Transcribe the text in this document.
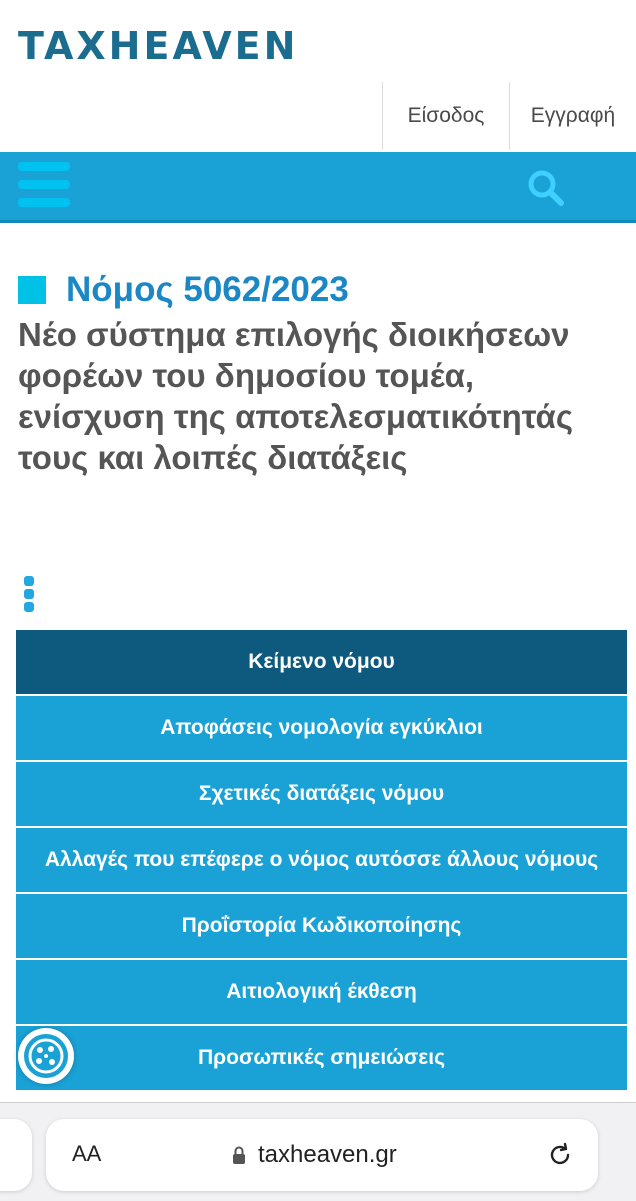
TAXHEAVEN
Είσοδος	Εγγραφή
Νόμος 5062/2023
Νέο σύστημα επιλογής διοικήσεων φορέων του δημοσίου τομέα, ενίσχυση της αποτελεσματικότητάς τους και λοιπές διατάξεις
Κείμενο νόμου
Αποφάσεις νομολογία εγκύκλιοι
Σχετικές διατάξεις νόμου
Αλλαγές που επέφερε ο νόμος αυτόσσε άλλους νόμους
Προΐστορία Κωδικοποίησης
Αιτιολογική έκθεση
Προσωπικές σημειώσεις
AA	taxheaven.gr
